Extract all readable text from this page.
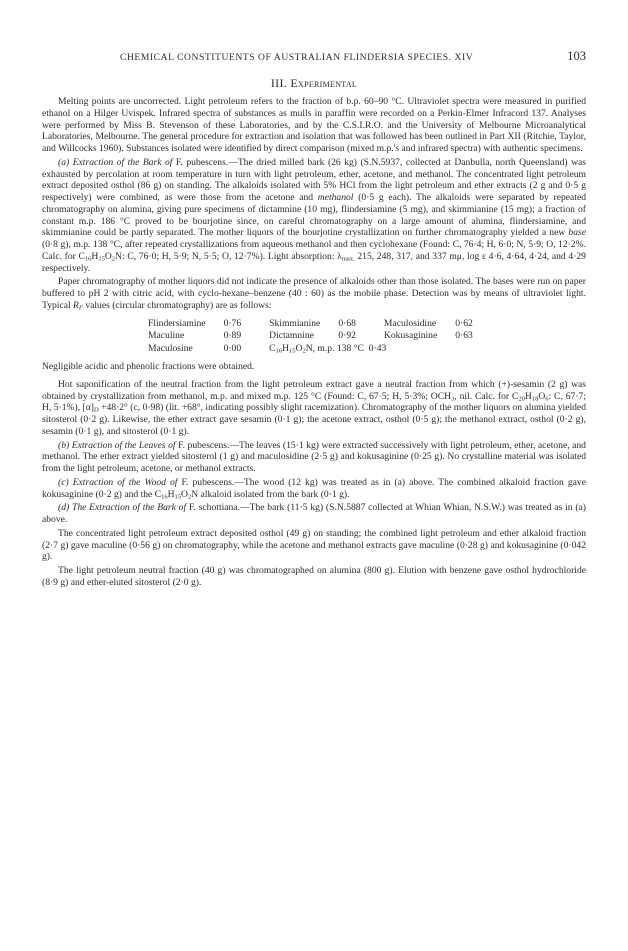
CHEMICAL CONSTITUENTS OF AUSTRALIAN FLINDERSIA SPECIES. XIV	103
III. Experimental

Melting points are uncorrected. Light petroleum refers to the fraction of b.p. 60–90 °C. Ultraviolet spectra were measured in purified ethanol on a Hilger Uvispek. Infrared spectra of substances as mulls in paraffin were recorded on a Perkin-Elmer Infracord 137. Analyses were performed by Miss B. Stevenson of these Laboratories, and by the C.S.I.R.O. and the University of Melbourne Microanalytical Laboratories, Melbourne. The general procedure for extraction and isolation that was followed has been outlined in Part XII (Ritchie, Taylor, and Willcocks 1960). Substances isolated were identified by direct comparison (mixed m.p.'s and infrared spectra) with authentic specimens.

(a) Extraction of the Bark of F. pubescens.—The dried milled bark (26 kg) (S.N.5937, collected at Danbulla, north Queensland) was exhausted by percolation at room temperature in turn with light petroleum, ether, acetone, and methanol. The concentrated light petroleum extract deposited osthol (86 g) on standing. The alkaloids isolated with 5% HCl from the light petroleum and ether extracts (2 g and 0·5 g respectively) were combined, as were those from the acetone and methanol (0·5 g each). The alkaloids were separated by repeated chromatography on alumina, giving pure specimens of dictamnine (10 mg), flindersiamine (5 mg), and skimmianine (15 mg); a fraction of constant m.p. 186 °C proved to be bourjotine since, on careful chromatography on a large amount of alumina, flindersiamine, and skimmianine could be partly separated. The mother liquors of the bourjotine crystallization on further chromatography yielded a new base (0·8 g), m.p. 138 °C, after repeated crystallizations from aqueous methanol and then cyclohexane (Found: C, 76·4; H, 6·0; N, 5·9; O, 12·2%. Calc. for $C_{16}H_{15}O_2N$: C, 76·0; H, 5·9; N, 5·5; O, 12·7%). Light absorption: $\lambda_{max.}$ 215, 248, 317, and 337 mμ, log ε 4·6, 4·64, 4·24, and 4·29 respectively.

Paper chromatography of mother liquors did not indicate the presence of alkaloids other than those isolated. The bases were run on paper buffered to pH 2 with citric acid, with cyclo-hexane–benzene (40 : 60) as the mobile phase. Detection was by means of ultraviolet light. Typical $R_F$ values (circular chromatography) are as follows:

Flindersiamine	0·76	Skimmianine	0·68	Maculosidine	0·62
Maculine	0·89	Dictamnine	0·92	Kokusaginine	0·63
Maculosine	0·00	$C_{16}H_{15}O_2N$, m.p. 138 °C 0·43			

Negligible acidic and phenolic fractions were obtained.

Hot saponification of the neutral fraction from the light petroleum extract gave a neutral fraction from which (+)-sesamin (2 g) was obtained by crystallization from methanol, m.p. and mixed m.p. 125 °C (Found: C, 67·5; H, 5·3%; $OCH_3$, nil. Calc. for $C_{20}H_{18}O_6$: C, 67·7; H, 5·1%), $[\alpha]_D +48\cdot 2^\circ$ (c, 0·98) (lit. +68°, indicating possibly slight racemization). Chromatography of the mother liquors on alumina yielded sitosterol (0·2 g). Likewise, the ether extract gave sesamin (0·1 g); the acetone extract, osthol (0·5 g); the methanol extract, osthol (0·2 g), sesamin (0·1 g), and sitosterol (0·1 g).

(b) Extraction of the Leaves of F. pubescens.—The leaves (15·1 kg) were extracted successively with light petroleum, ether, acetone, and methanol. The ether extract yielded sitosterol (1 g) and maculosidine (2·5 g) and kokusaginine (0·25 g). No crystalline material was isolated from the light petroleum, acetone, or methanol extracts.

(c) Extraction of the Wood of F. pubescens.—The wood (12 kg) was treated as in (a) above. The combined alkaloid fraction gave kokusaginine (0·2 g) and the $C_{16}H_{15}O_2N$ alkaloid isolated from the bark (0·1 g).

(d) The Extraction of the Bark of F. schottiana.—The bark (11·5 kg) (S.N.5887 collected at Whian Whian, N.S.W.) was treated as in (a) above.

The concentrated light petroleum extract deposited osthol (49 g) on standing; the combined light petroleum and ether alkaloid fraction (2·7 g) gave maculine (0·56 g) on chromatography, while the acetone and methanol extracts gave maculine (0·28 g) and kokusaginine (0·042 g).

The light petroleum neutral fraction (40 g) was chromatographed on alumina (800 g). Elution with benzene gave osthol hydrochloride (8·9 g) and ether-eluted sitosterol (2·0 g).
